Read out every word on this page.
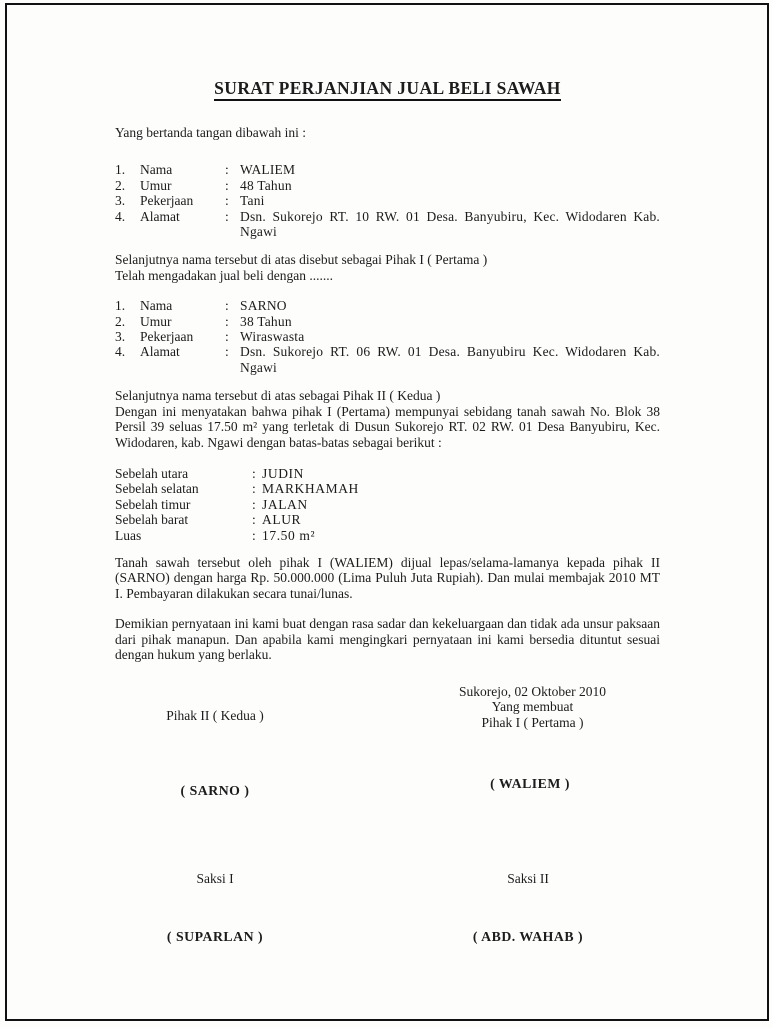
SURAT PERJANJIAN JUAL BELI SAWAH
Yang bertanda tangan dibawah ini :
1.	Nama	: WALIEM
2.	Umur	: 48 Tahun
3.	Pekerjaan	: Tani
4.	Alamat	: Dsn. Sukorejo RT. 10 RW. 01 Desa. Banyubiru, Kec. Widodaren Kab. Ngawi
Selanjutnya nama tersebut di atas disebut sebagai Pihak I ( Pertama )
Telah mengadakan jual beli dengan .......
1.	Nama	: SARNO
2.	Umur	: 38 Tahun
3.	Pekerjaan	: Wiraswasta
4.	Alamat	: Dsn. Sukorejo RT. 06 RW. 01 Desa. Banyubiru Kec. Widodaren Kab. Ngawi
Selanjutnya nama tersebut di atas sebagai Pihak II ( Kedua )
Dengan ini menyatakan bahwa pihak I (Pertama) mempunyai sebidang tanah sawah No. Blok 38 Persil 39 seluas 17.50 m² yang terletak di Dusun Sukorejo RT. 02 RW. 01 Desa Banyubiru, Kec. Widodaren, kab. Ngawi dengan batas-batas sebagai berikut :
Sebelah utara	: JUDIN
Sebelah selatan	: MARKHAMAH
Sebelah timur	: JALAN
Sebelah barat	: ALUR
Luas	: 17.50 m²
Tanah sawah tersebut oleh pihak I (WALIEM) dijual lepas/selama-lamanya kepada pihak II (SARNO) dengan harga Rp. 50.000.000 (Lima Puluh Juta Rupiah). Dan mulai membajak 2010 MT I. Pembayaran dilakukan secara tunai/lunas.
Demikian pernyataan ini kami buat dengan rasa sadar dan kekeluargaan dan tidak ada unsur paksaan dari pihak manapun. Dan apabila kami mengingkari pernyataan ini kami bersedia dituntut sesuai dengan hukum yang berlaku.
Sukorejo, 02 Oktober 2010
Yang membuat
Pihak I ( Pertama )
Pihak II ( Kedua )
( SARNO )	( WALIEM )
Saksi I	Saksi II
( SUPARLAN )	( ABD. WAHAB )
